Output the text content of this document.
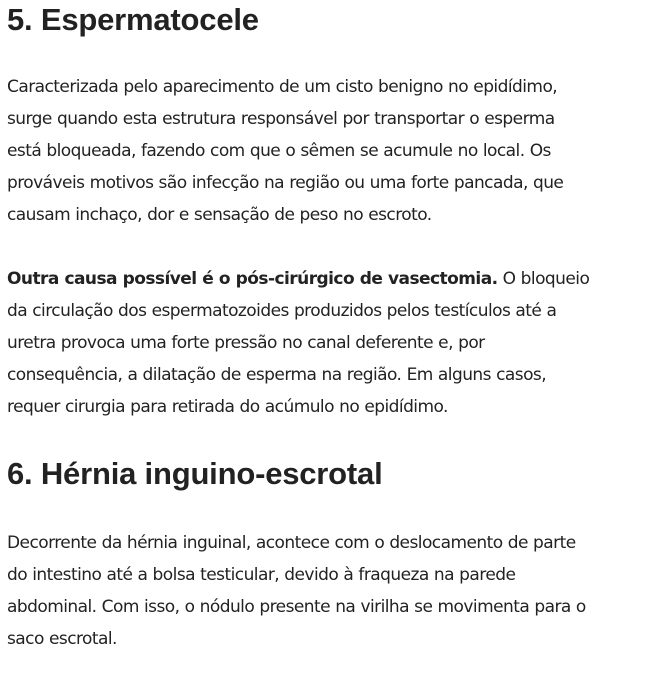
5. Espermatocele

Caracterizada pelo aparecimento de um cisto benigno no epidídimo,
surge quando esta estrutura responsável por transportar o esperma
está bloqueada, fazendo com que o sêmen se acumule no local. Os
prováveis motivos são infecção na região ou uma forte pancada, que
causam inchaço, dor e sensação de peso no escroto.

Outra causa possível é o pós-cirúrgico de vasectomia. O bloqueio
da circulação dos espermatozoides produzidos pelos testículos até a
uretra provoca uma forte pressão no canal deferente e, por
consequência, a dilatação de esperma na região. Em alguns casos,
requer cirurgia para retirada do acúmulo no epidídimo.

6. Hérnia inguino-escrotal

Decorrente da hérnia inguinal, acontece com o deslocamento de parte
do intestino até a bolsa testicular, devido à fraqueza na parede
abdominal. Com isso, o nódulo presente na virilha se movimenta para o
saco escrotal.
